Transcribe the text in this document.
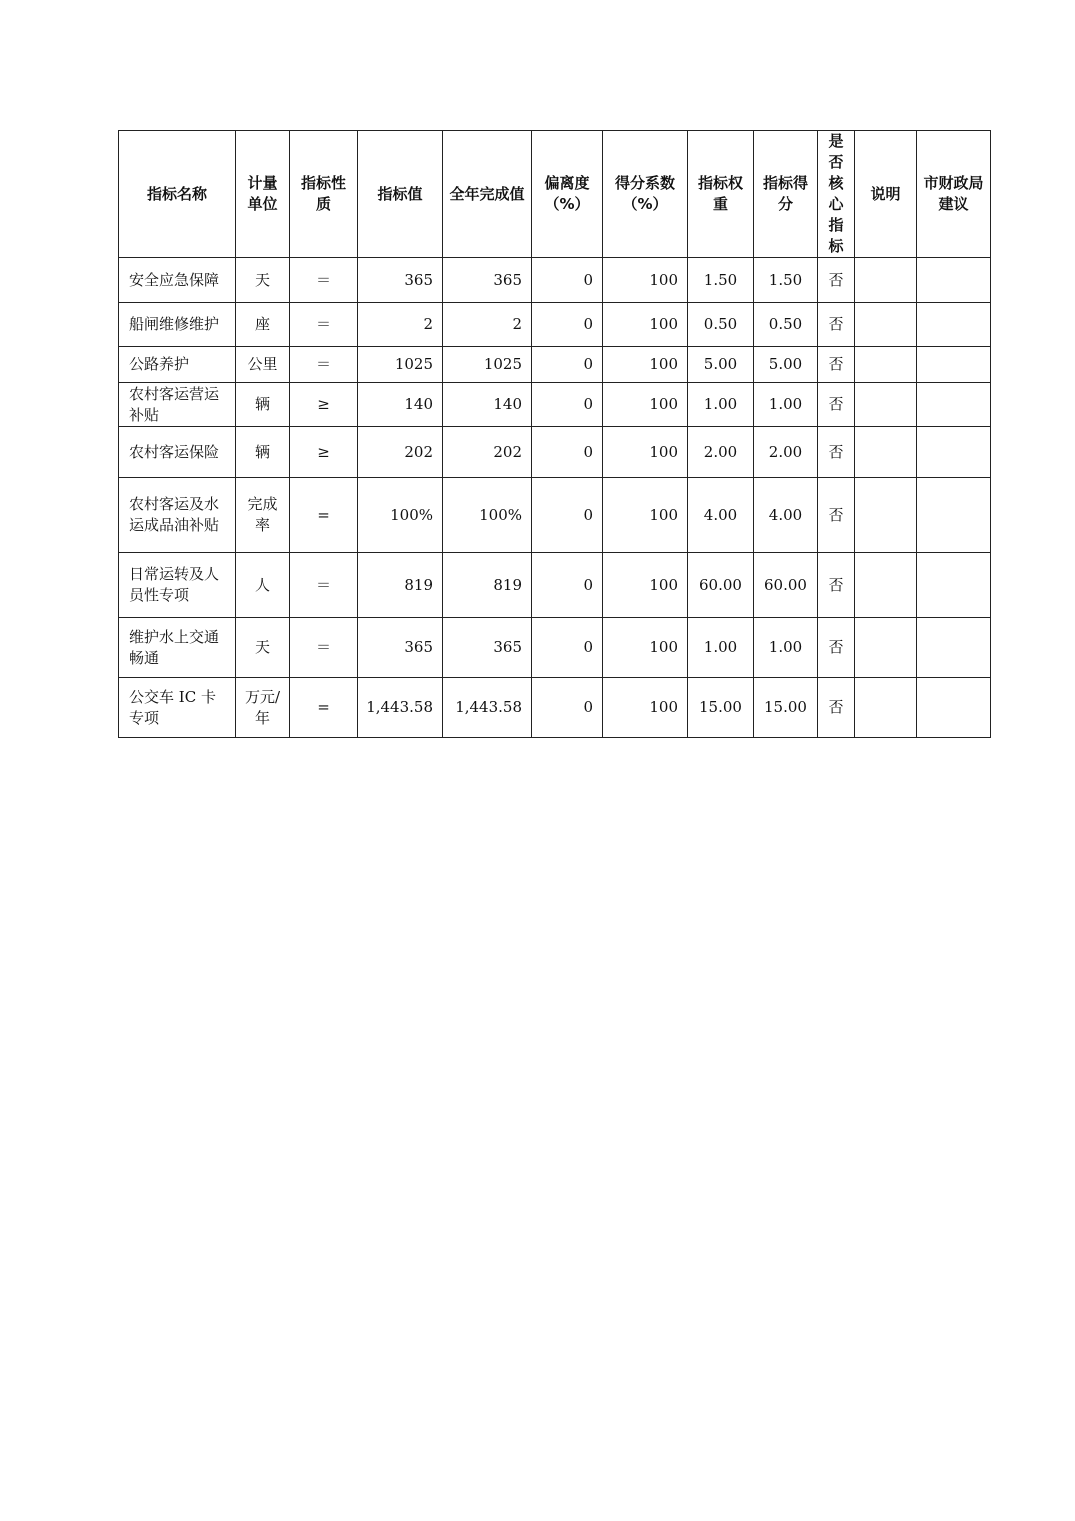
指标名称	计量单位	指标性质	指标值	全年完成值	偏离度（%）	得分系数（%）	指标权重	指标得分	是否核心指标	说明	市财政局建议
安全应急保障	天	＝	365	365	0	100	1.50	1.50	否		
船闸维修维护	座	＝	2	2	0	100	0.50	0.50	否		
公路养护	公里	＝	1025	1025	0	100	5.00	5.00	否		
农村客运营运补贴	辆	≥	140	140	0	100	1.00	1.00	否		
农村客运保险	辆	≥	202	202	0	100	2.00	2.00	否		
农村客运及水运成品油补贴	完成率	=	100%	100%	0	100	4.00	4.00	否		
日常运转及人员性专项	人	＝	819	819	0	100	60.00	60.00	否		
维护水上交通畅通	天	＝	365	365	0	100	1.00	1.00	否		
公交车 IC 卡专项	万元/年	=	1,443.58	1,443.58	0	100	15.00	15.00	否		
